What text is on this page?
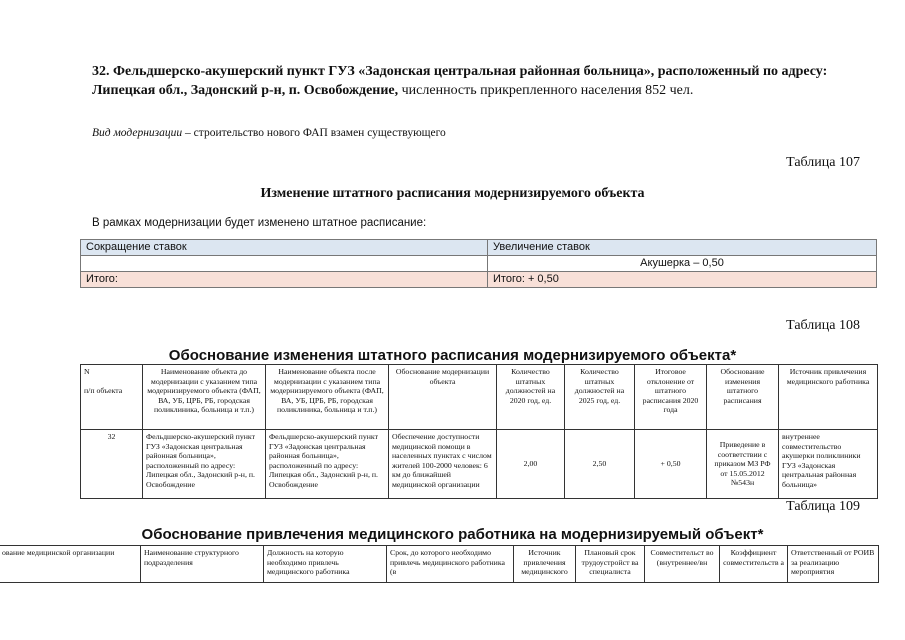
32. Фельдшерско-акушерский пункт ГУЗ «Задонская центральная районная больница», расположенный по адресу: Липецкая обл., Задонский р-н, п. Освобождение, численность прикрепленного населения 852 чел.
Вид модернизации – строительство нового ФАП взамен существующего
Таблица 107
Изменение штатного расписания модернизируемого объекта
В рамках модернизации будет изменено штатное расписание:
Сокращение ставок	Увеличение ставок
	Акушерка – 0,50
Итого:	Итого: + 0,50
Таблица 108
Обоснование изменения штатного расписания модернизируемого объекта*
N

п/п объекта	Наименование объекта до модернизации с указанием типа модернизируемого объекта (ФАП, ВА, УБ, ЦРБ, РБ, городская поликлиника, больница и т.п.)	Наименование объекта после модернизации с указанием типа модернизируемого объекта (ФАП, ВА, УБ, ЦРБ, РБ, городская поликлиника, больница и т.п.)	Обоснование модернизации объекта	Количество штатных должностей на 2020 год, ед.	Количество штатных должностей на 2025 год, ед.	Итоговое отклонение от штатного расписания 2020 года	Обоснование изменения штатного расписания	Источник привлечения медицинского работника
32	Фельдшерско-акушерский пункт ГУЗ «Задонская центральная районная больница», расположенный по адресу: Липецкая обл., Задонский р-н, п. Освобождение	Фельдшерско-акушерский пункт ГУЗ «Задонская центральная районная больница», расположенный по адресу: Липецкая обл., Задонский р-н, п. Освобождение	Обеспечение доступности медицинской помощи в населенных пунктах с числом жителей 100-2000 человек: 6 км до ближайшей медицинской организации	2,00	2,50	+ 0,50	Приведение в соответствии с приказом МЗ РФ от 15.05.2012 №543н	внутреннее совместительство акушерки поликлиники ГУЗ «Задонская центральная районная больница»
Таблица 109
Обоснование привлечения медицинского работника на модернизируемый объект*
ование медицинской организации	Наименование структурного подразделения	Должность на которую необходимо привлечь медицинского работника	Срок, до которого необходимо привлечь медицинского работника (в	Источник привлечения медицинского	Плановый срок трудоустройст ва специалиста	Совместительст во (внутреннее/вн	Коэффициент совместительств а	Ответственный от РОИВ за реализацию мероприятия
